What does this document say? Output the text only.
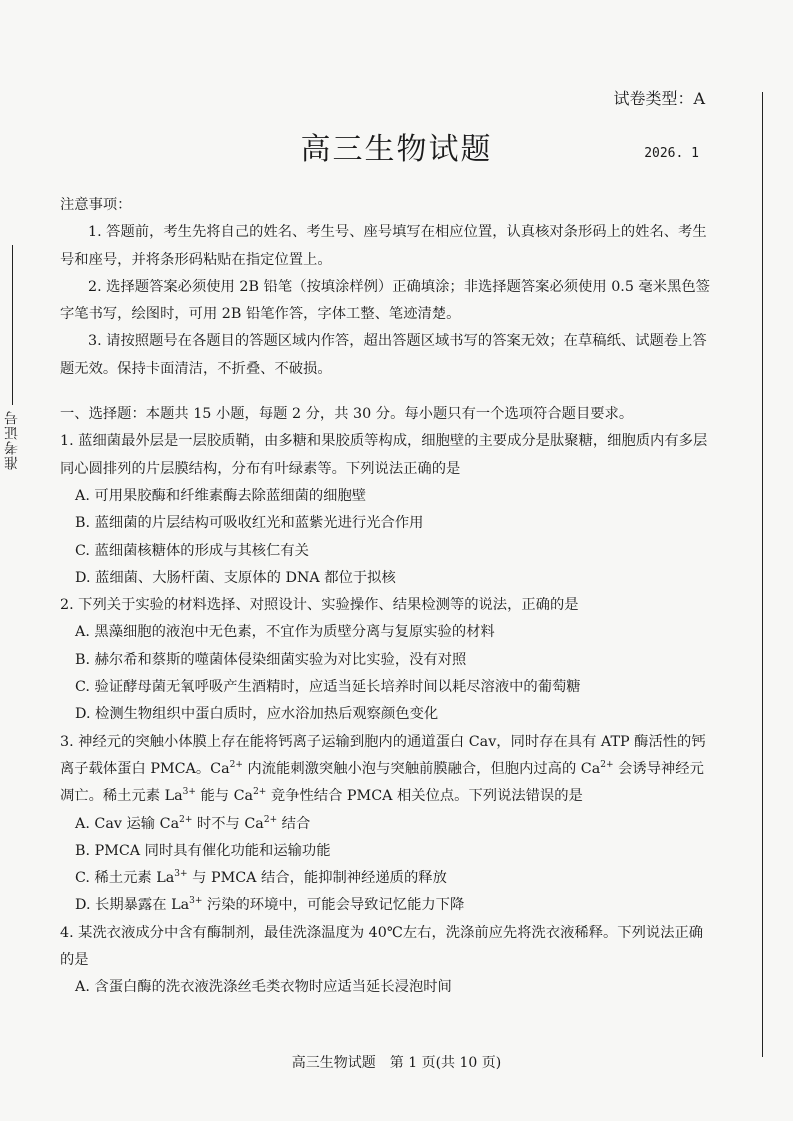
准考证号
试卷类型：A
高三生物试题	2026. 1
注意事项：

1. 答题前，考生先将自己的姓名、考生号、座号填写在相应位置，认真核对条形码上的姓名、考生号和座号，并将条形码粘贴在指定位置上。

2. 选择题答案必须使用 2B 铅笔（按填涂样例）正确填涂；非选择题答案必须使用 0.5 毫米黑色签字笔书写，绘图时，可用 2B 铅笔作答，字体工整、笔迹清楚。

3. 请按照题号在各题目的答题区域内作答，超出答题区域书写的答案无效；在草稿纸、试题卷上答题无效。保持卡面清洁，不折叠、不破损。

一、选择题：本题共 15 小题，每题 2 分，共 30 分。每小题只有一个选项符合题目要求。

1. 蓝细菌最外层是一层胶质鞘，由多糖和果胶质等构成，细胞壁的主要成分是肽聚糖，细胞质内有多层同心圆排列的片层膜结构，分布有叶绿素等。下列说法正确的是

A. 可用果胶酶和纤维素酶去除蓝细菌的细胞壁

B. 蓝细菌的片层结构可吸收红光和蓝紫光进行光合作用

C. 蓝细菌核糖体的形成与其核仁有关

D. 蓝细菌、大肠杆菌、支原体的 DNA 都位于拟核

2. 下列关于实验的材料选择、对照设计、实验操作、结果检测等的说法，正确的是

A. 黑藻细胞的液泡中无色素，不宜作为质壁分离与复原实验的材料

B. 赫尔希和蔡斯的噬菌体侵染细菌实验为对比实验，没有对照

C. 验证酵母菌无氧呼吸产生酒精时，应适当延长培养时间以耗尽溶液中的葡萄糖

D. 检测生物组织中蛋白质时，应水浴加热后观察颜色变化

3. 神经元的突触小体膜上存在能将钙离子运输到胞内的通道蛋白 Cav，同时存在具有 ATP 酶活性的钙离子载体蛋白 PMCA。$Ca^{2+}$ 内流能刺激突触小泡与突触前膜融合，但胞内过高的 $Ca^{2+}$ 会诱导神经元凋亡。稀土元素 $La^{3+}$ 能与 $Ca^{2+}$ 竞争性结合 PMCA 相关位点。下列说法错误的是

A. Cav 运输 $Ca^{2+}$ 时不与 $Ca^{2+}$ 结合

B. PMCA 同时具有催化功能和运输功能

C. 稀土元素 $La^{3+}$ 与 PMCA 结合，能抑制神经递质的释放

D. 长期暴露在 $La^{3+}$ 污染的环境中，可能会导致记忆能力下降

4. 某洗衣液成分中含有酶制剂，最佳洗涤温度为 40℃左右，洗涤前应先将洗衣液稀释。下列说法正确的是

A. 含蛋白酶的洗衣液洗涤丝毛类衣物时应适当延长浸泡时间

高三生物试题　第 1 页(共 10 页)
